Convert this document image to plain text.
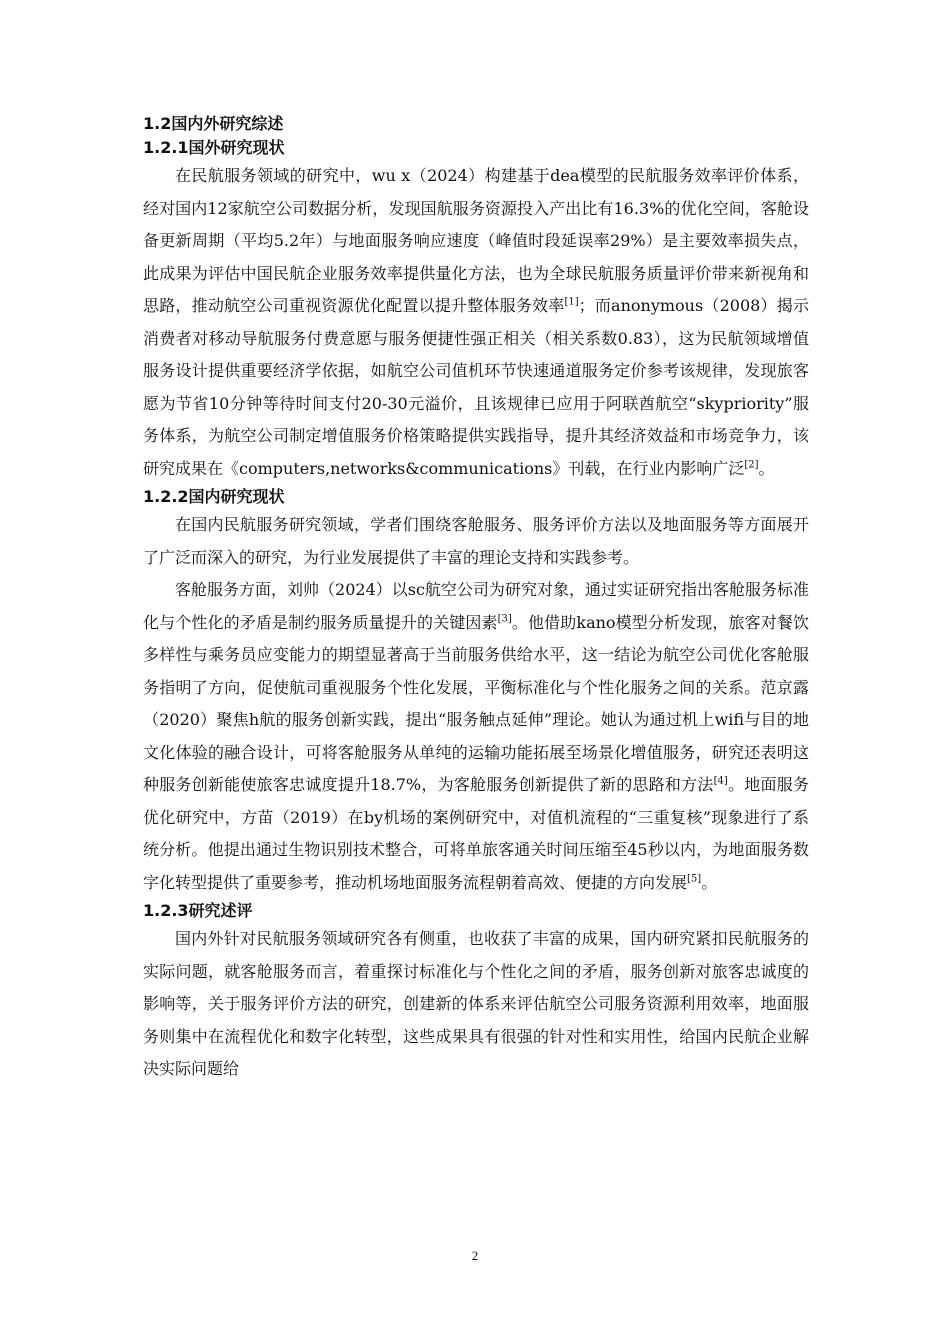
1.2国内外研究综述
1.2.1国外研究现状

在民航服务领域的研究中，wu x（2024）构建基于dea模型的民航服务效率评价体系，经对国内12家航空公司数据分析，发现国航服务资源投入产出比有16.3%的优化空间，客舱设备更新周期（平均5.2年）与地面服务响应速度（峰值时段延误率29%）是主要效率损失点，此成果为评估中国民航企业服务效率提供量化方法，也为全球民航服务质量评价带来新视角和思路，推动航空公司重视资源优化配置以提升整体服务效率[1]；而anonymous（2008）揭示消费者对移动导航服务付费意愿与服务便捷性强正相关（相关系数0.83），这为民航领域增值服务设计提供重要经济学依据，如航空公司值机环节快速通道服务定价参考该规律，发现旅客愿为节省10分钟等待时间支付20-30元溢价，且该规律已应用于阿联酋航空“skypriority”服务体系，为航空公司制定增值服务价格策略提供实践指导，提升其经济效益和市场竞争力，该研究成果在《computers,networks&communications》刊载，在行业内影响广泛[2]。

1.2.2国内研究现状

在国内民航服务研究领域，学者们围绕客舱服务、服务评价方法以及地面服务等方面展开了广泛而深入的研究，为行业发展提供了丰富的理论支持和实践参考。

客舱服务方面，刘帅（2024）以sc航空公司为研究对象，通过实证研究指出客舱服务标准化与个性化的矛盾是制约服务质量提升的关键因素[3]。他借助kano模型分析发现，旅客对餐饮多样性与乘务员应变能力的期望显著高于当前服务供给水平，这一结论为航空公司优化客舱服务指明了方向，促使航司重视服务个性化发展，平衡标准化与个性化服务之间的关系。范京露（2020）聚焦h航的服务创新实践，提出“服务触点延伸”理论。她认为通过机上wifi与目的地文化体验的融合设计，可将客舱服务从单纯的运输功能拓展至场景化增值服务，研究还表明这种服务创新能使旅客忠诚度提升18.7%，为客舱服务创新提供了新的思路和方法[4]。地面服务优化研究中，方苗（2019）在by机场的案例研究中，对值机流程的“三重复核”现象进行了系统分析。他提出通过生物识别技术整合，可将单旅客通关时间压缩至45秒以内，为地面服务数字化转型提供了重要参考，推动机场地面服务流程朝着高效、便捷的方向发展[5]。

1.2.3研究述评

国内外针对民航服务领域研究各有侧重，也收获了丰富的成果，国内研究紧扣民航服务的实际问题，就客舱服务而言，着重探讨标准化与个性化之间的矛盾，服务创新对旅客忠诚度的影响等，关于服务评价方法的研究，创建新的体系来评估航空公司服务资源利用效率，地面服务则集中在流程优化和数字化转型，这些成果具有很强的针对性和实用性，给国内民航企业解决实际问题给

2
